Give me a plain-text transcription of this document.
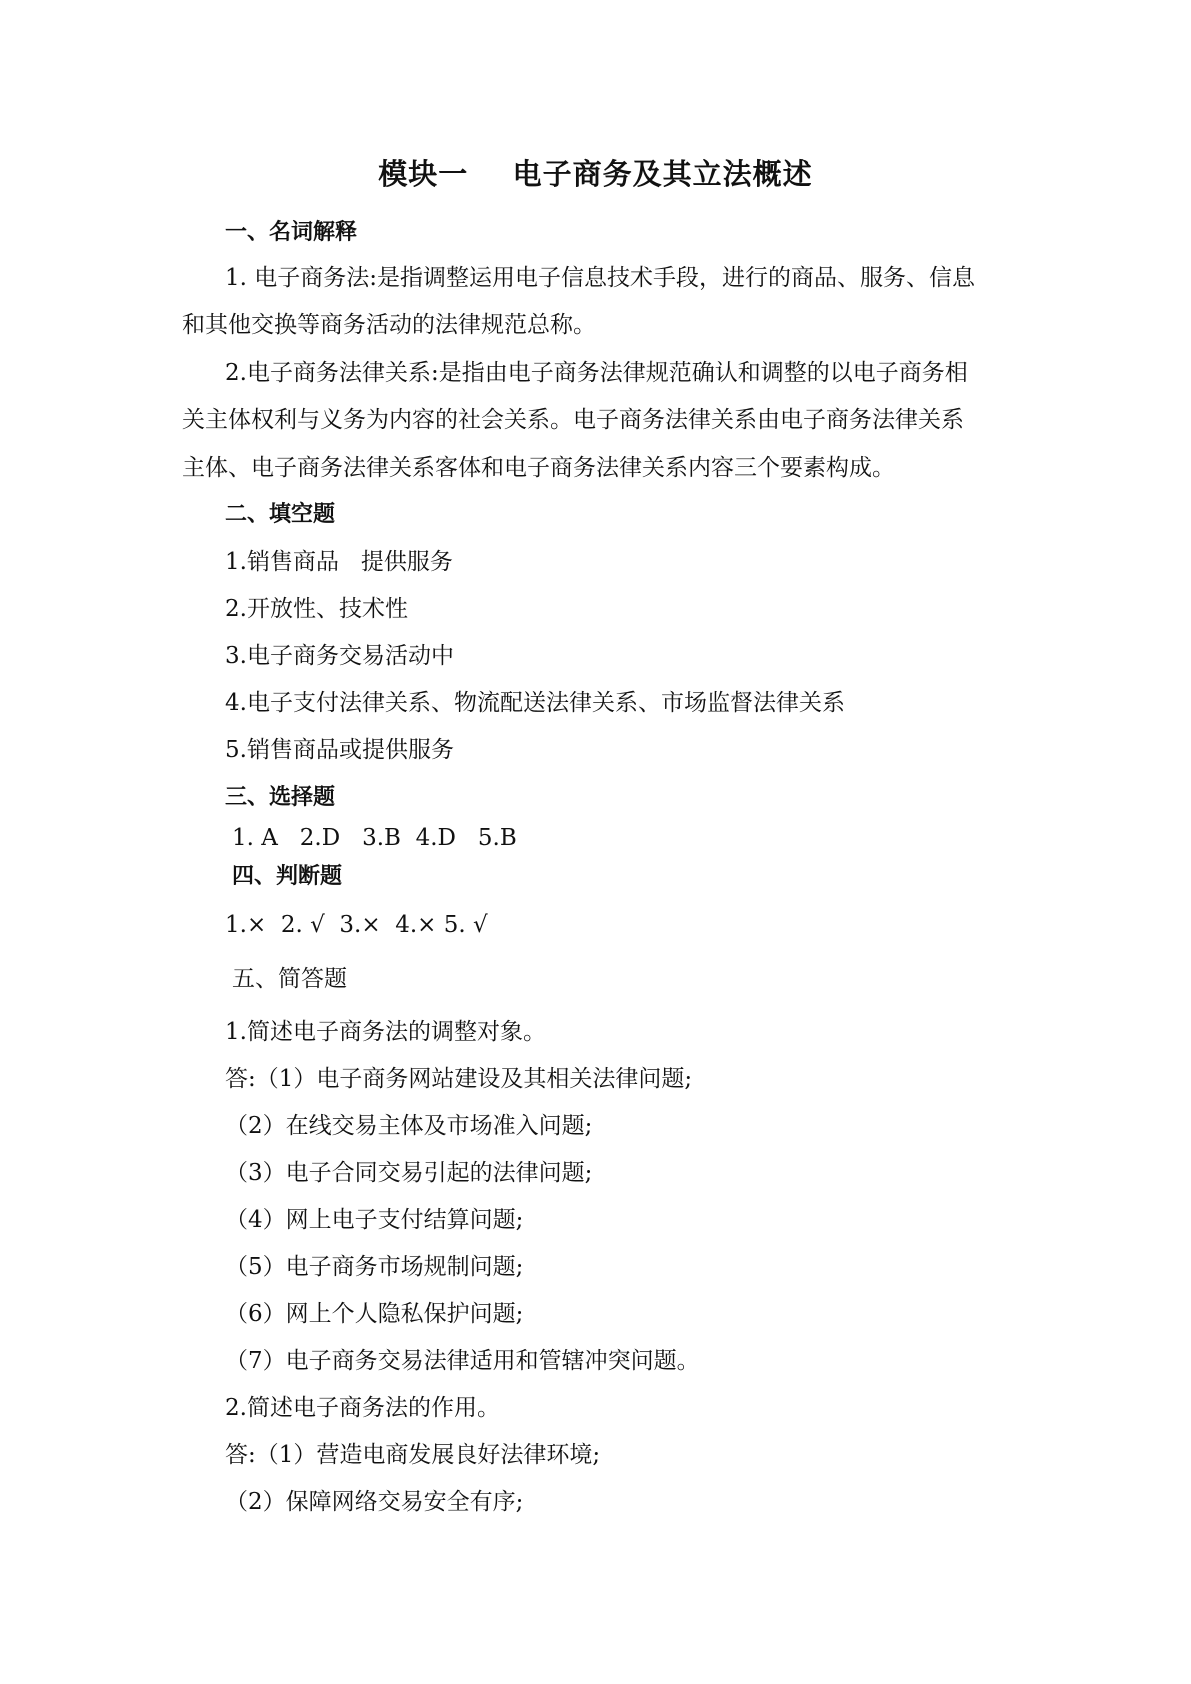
模块一    电子商务及其立法概述
一、名词解释
1. 电子商务法:是指调整运用电子信息技术手段，进行的商品、服务、信息
和其他交换等商务活动的法律规范总称。
2.电子商务法律关系:是指由电子商务法律规范确认和调整的以电子商务相
关主体权利与义务为内容的社会关系。电子商务法律关系由电子商务法律关系
主体、电子商务法律关系客体和电子商务法律关系内容三个要素构成。
二、填空题
1.销售商品   提供服务
2.开放性、技术性
3.电子商务交易活动中
4.电子支付法律关系、物流配送法律关系、市场监督法律关系
5.销售商品或提供服务
三、选择题
1. A   2.D   3.B  4.D   5.B
四、判断题
1.×  2. √  3.×  4.× 5. √
五、简答题
1.简述电子商务法的调整对象。
答:（1）电子商务网站建设及其相关法律问题;
（2）在线交易主体及市场准入问题;
（3）电子合同交易引起的法律问题;
（4）网上电子支付结算问题;
（5）电子商务市场规制问题;
（6）网上个人隐私保护问题;
（7）电子商务交易法律适用和管辖冲突问题。
2.简述电子商务法的作用。
答:（1）营造电商发展良好法律环境;
（2）保障网络交易安全有序;
